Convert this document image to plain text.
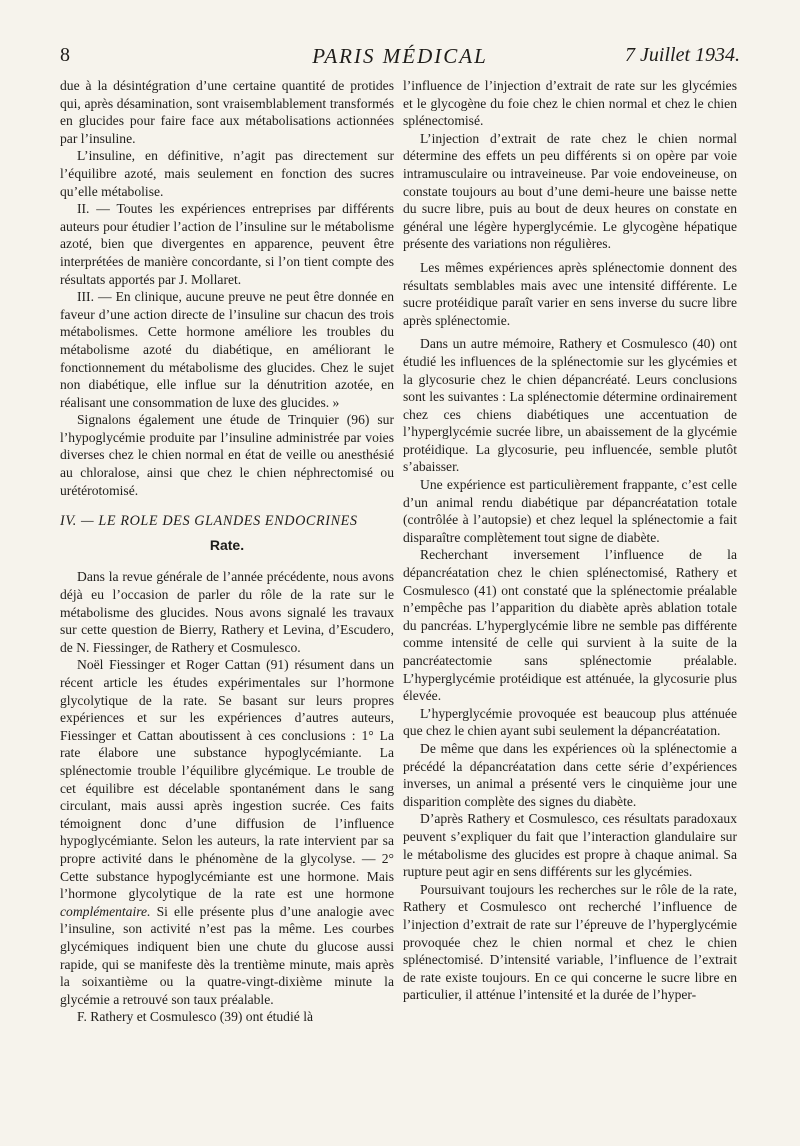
8	PARIS MÉDICAL	7 Juillet 1934.

due à la désintégration d’une certaine quantité de protides qui, après désamination, sont vraisemblablement transformés en glucides pour faire face aux métabolisations actionnées par l’insuline.

L’insuline, en définitive, n’agit pas directement sur l’équilibre azoté, mais seulement en fonction des sucres qu’elle métabolise.

II. — Toutes les expériences entreprises par différents auteurs pour étudier l’action de l’insuline sur le métabolisme azoté, bien que divergentes en apparence, peuvent être interprétées de manière concordante, si l’on tient compte des résultats apportés par J. Mollaret.

III. — En clinique, aucune preuve ne peut être donnée en faveur d’une action directe de l’insuline sur chacun des trois métabolismes. Cette hormone améliore les troubles du métabolisme azoté du diabétique, en améliorant le fonctionnement du métabolisme des glucides. Chez le sujet non diabétique, elle influe sur la dénutrition azotée, en réalisant une consommation de luxe des glucides. »

Signalons également une étude de Trinquier (96) sur l’hypoglycémie produite par l’insuline administrée par voies diverses chez le chien normal en état de veille ou anesthésié au chloralose, ainsi que chez le chien néphrectomisé ou urétérotomisé.

IV. — LE ROLE DES GLANDES ENDOCRINES
Rate.

Dans la revue générale de l’année précédente, nous avons déjà eu l’occasion de parler du rôle de la rate sur le métabolisme des glucides. Nous avons signalé les travaux sur cette question de Bierry, Rathery et Levina, d’Escudero, de N. Fiessinger, de Rathery et Cosmulesco.

Noël Fiessinger et Roger Cattan (91) résument dans un récent article les études expérimentales sur l’hormone glycolytique de la rate. Se basant sur leurs propres expériences et sur les expériences d’autres auteurs, Fiessinger et Cattan aboutissent à ces conclusions : 1° La rate élabore une substance hypoglycémiante. La splénectomie trouble l’équilibre glycémique. Le trouble de cet équilibre est décelable spontanément dans le sang circulant, mais aussi après ingestion sucrée. Ces faits témoignent donc d’une diffusion de l’influence hypoglycémiante. Selon les auteurs, la rate intervient par sa propre activité dans le phénomène de la glycolyse. — 2° Cette substance hypoglycémiante est une hormone. Mais l’hormone glycolytique de la rate est une hormone complémentaire. Si elle présente plus d’une analogie avec l’insuline, son activité n’est pas la même. Les courbes glycémiques indiquent bien une chute du glucose aussi rapide, qui se manifeste dès la trentième minute, mais après la soixantième ou la quatre-vingt-dixième minute la glycémie a retrouvé son taux préalable.

F. Rathery et Cosmulesco (39) ont étudié là

l’influence de l’injection d’extrait de rate sur les glycémies et le glycogène du foie chez le chien normal et chez le chien splénectomisé.

L’injection d’extrait de rate chez le chien normal détermine des effets un peu différents si on opère par voie intramusculaire ou intraveineuse. Par voie endoveineuse, on constate toujours au bout d’une demi-heure une baisse nette du sucre libre, puis au bout de deux heures on constate en général une légère hyperglycémie. Le glycogène hépatique présente des variations non régulières.

Les mêmes expériences après splénectomie donnent des résultats semblables mais avec une intensité différente. Le sucre protéidique paraît varier en sens inverse du sucre libre après splénectomie.

Dans un autre mémoire, Rathery et Cosmulesco (40) ont étudié les influences de la splénectomie sur les glycémies et la glycosurie chez le chien dépancréaté. Leurs conclusions sont les suivantes : La splénectomie détermine ordinairement chez ces chiens diabétiques une accentuation de l’hyperglycémie sucrée libre, un abaissement de la glycémie protéidique. La glycosurie, peu influencée, semble plutôt s’abaisser.

Une expérience est particulièrement frappante, c’est celle d’un animal rendu diabétique par dépancréatation totale (contrôlée à l’autopsie) et chez lequel la splénectomie a fait disparaître complètement tout signe de diabète.

Recherchant inversement l’influence de la dépancréatation chez le chien splénectomisé, Rathery et Cosmulesco (41) ont constaté que la splénectomie préalable n’empêche pas l’apparition du diabète après ablation totale du pancréas. L’hyperglycémie libre ne semble pas différente comme intensité de celle qui survient à la suite de la pancréatectomie sans splénectomie préalable. L’hyperglycémie protéidique est atténuée, la glycosurie plus élevée.

L’hyperglycémie provoquée est beaucoup plus atténuée que chez le chien ayant subi seulement la dépancréatation.

De même que dans les expériences où la splénectomie a précédé la dépancréatation dans cette série d’expériences inverses, un animal a présenté vers le cinquième jour une disparition complète des signes du diabète.

D’après Rathery et Cosmulesco, ces résultats paradoxaux peuvent s’expliquer du fait que l’interaction glandulaire sur le métabolisme des glucides est propre à chaque animal. Sa rupture peut agir en sens différents sur les glycémies.

Poursuivant toujours les recherches sur le rôle de la rate, Rathery et Cosmulesco ont recherché l’influence de l’injection d’extrait de rate sur l’épreuve de l’hyperglycémie provoquée chez le chien normal et chez le chien splénectomisé. D’intensité variable, l’influence de l’extrait de rate existe toujours. En ce qui concerne le sucre libre en particulier, il atténue l’intensité et la durée de l’hyper-
